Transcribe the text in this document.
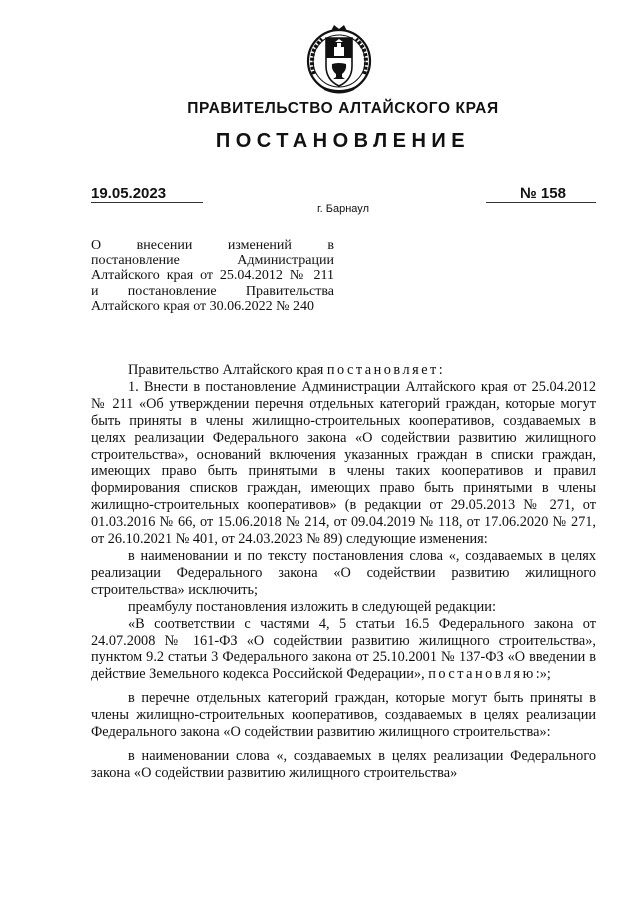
ПРАВИТЕЛЬСТВО АЛТАЙСКОГО КРАЯ
ПОСТАНОВЛЕНИЕ
19.05.2023	№ 158
г. Барнаул
О внесении изменений в
постановление Администрации
Алтайского края от 25.04.2012 № 211
и постановление Правительства
Алтайского края от 30.06.2022 № 240

Правительство Алтайского края постановляет:

1. Внести в постановление Администрации Алтайского края от 25.04.2012 № 211 «Об утверждении перечня отдельных категорий граждан, которые могут быть приняты в члены жилищно-строительных кооперативов, создаваемых в целях реализации Федерального закона «О содействии развитию жилищного строительства», оснований включения указанных граждан в списки граждан, имеющих право быть принятыми в члены таких кооперативов и правил формирования списков граждан, имеющих право быть принятыми в члены жилищно-строительных кооперативов» (в редакции от 29.05.2013 № 271, от 01.03.2016 № 66, от 15.06.2018 № 214, от 09.04.2019 № 118, от 17.06.2020 № 271, от 26.10.2021 № 401, от 24.03.2023 № 89) следующие изменения:

в наименовании и по тексту постановления слова «, создаваемых в целях реализации Федерального закона «О содействии развитию жилищного строительства» исключить;

преамбулу постановления изложить в следующей редакции:

«В соответствии с частями 4, 5 статьи 16.5 Федерального закона от 24.07.2008 № 161-ФЗ «О содействии развитию жилищного строительства», пунктом 9.2 статьи 3 Федерального закона от 25.10.2001 № 137-ФЗ «О введении в действие Земельного кодекса Российской Федерации», постановляю:»;

в перечне отдельных категорий граждан, которые могут быть приняты в члены жилищно-строительных кооперативов, создаваемых в целях реализации Федерального закона «О содействии развитию жилищного строительства»:

в наименовании слова «, создаваемых в целях реализации Федерального закона «О содействии развитию жилищного строительства»
